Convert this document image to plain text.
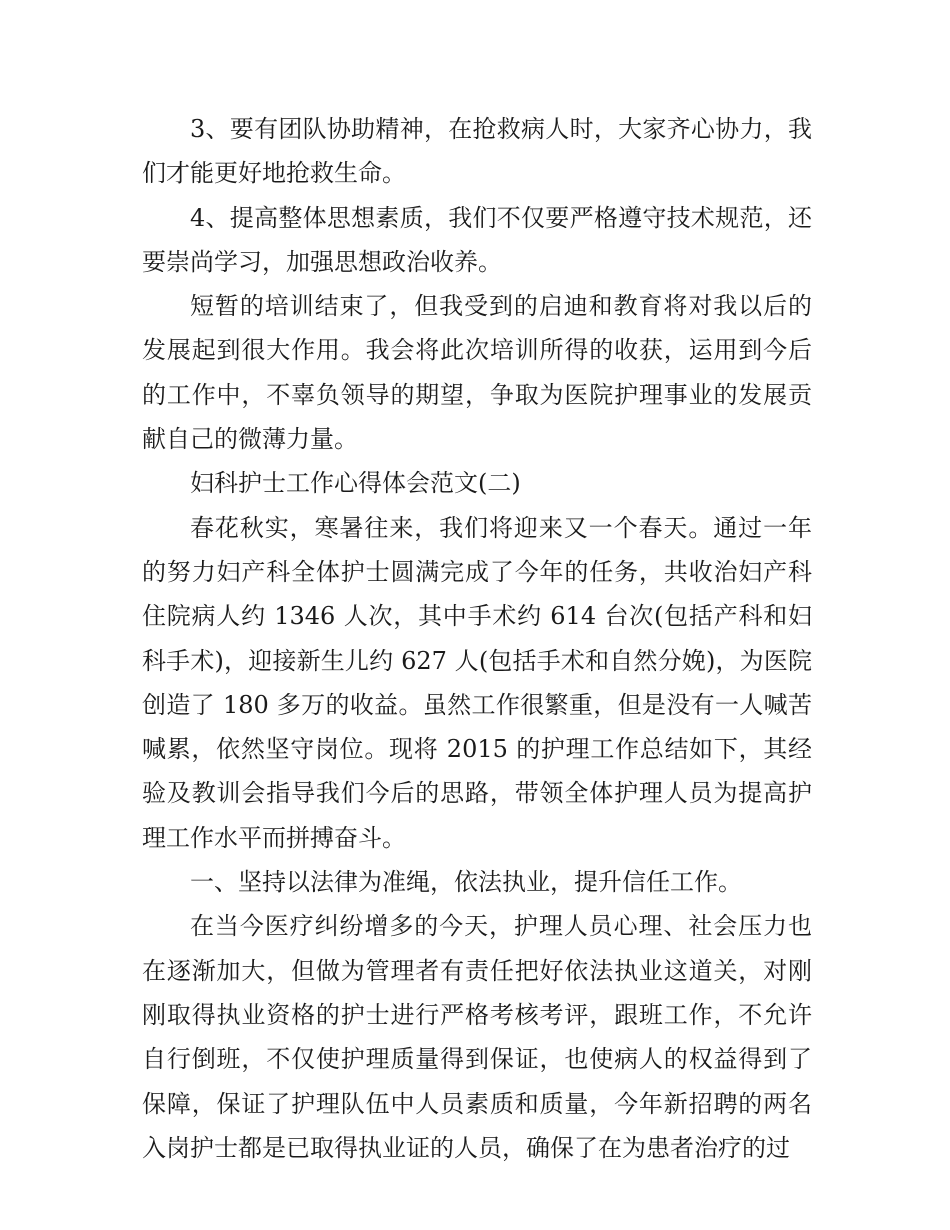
3、要有团队协助精神，在抢救病人时，大家齐心协力，我们才能更好地抢救生命。

4、提高整体思想素质，我们不仅要严格遵守技术规范，还要崇尚学习，加强思想政治收养。

短暂的培训结束了，但我受到的启迪和教育将对我以后的发展起到很大作用。我会将此次培训所得的收获，运用到今后的工作中，不辜负领导的期望，争取为医院护理事业的发展贡献自己的微薄力量。

妇科护士工作心得体会范文(二)

春花秋实，寒暑往来，我们将迎来又一个春天。通过一年的努力妇产科全体护士圆满完成了今年的任务，共收治妇产科住院病人约 1346 人次，其中手术约 614 台次(包括产科和妇科手术)，迎接新生儿约 627 人(包括手术和自然分娩)，为医院创造了 180 多万的收益。虽然工作很繁重，但是没有一人喊苦喊累，依然坚守岗位。现将 2015 的护理工作总结如下，其经验及教训会指导我们今后的思路，带领全体护理人员为提高护理工作水平而拼搏奋斗。

一、坚持以法律为准绳，依法执业，提升信任工作。

在当今医疗纠纷增多的今天，护理人员心理、社会压力也在逐渐加大，但做为管理者有责任把好依法执业这道关，对刚刚取得执业资格的护士进行严格考核考评，跟班工作，不允许自行倒班，不仅使护理质量得到保证，也使病人的权益得到了保障，保证了护理队伍中人员素质和质量，今年新招聘的两名入岗护士都是已取得执业证的人员，确保了在为患者治疗的过
